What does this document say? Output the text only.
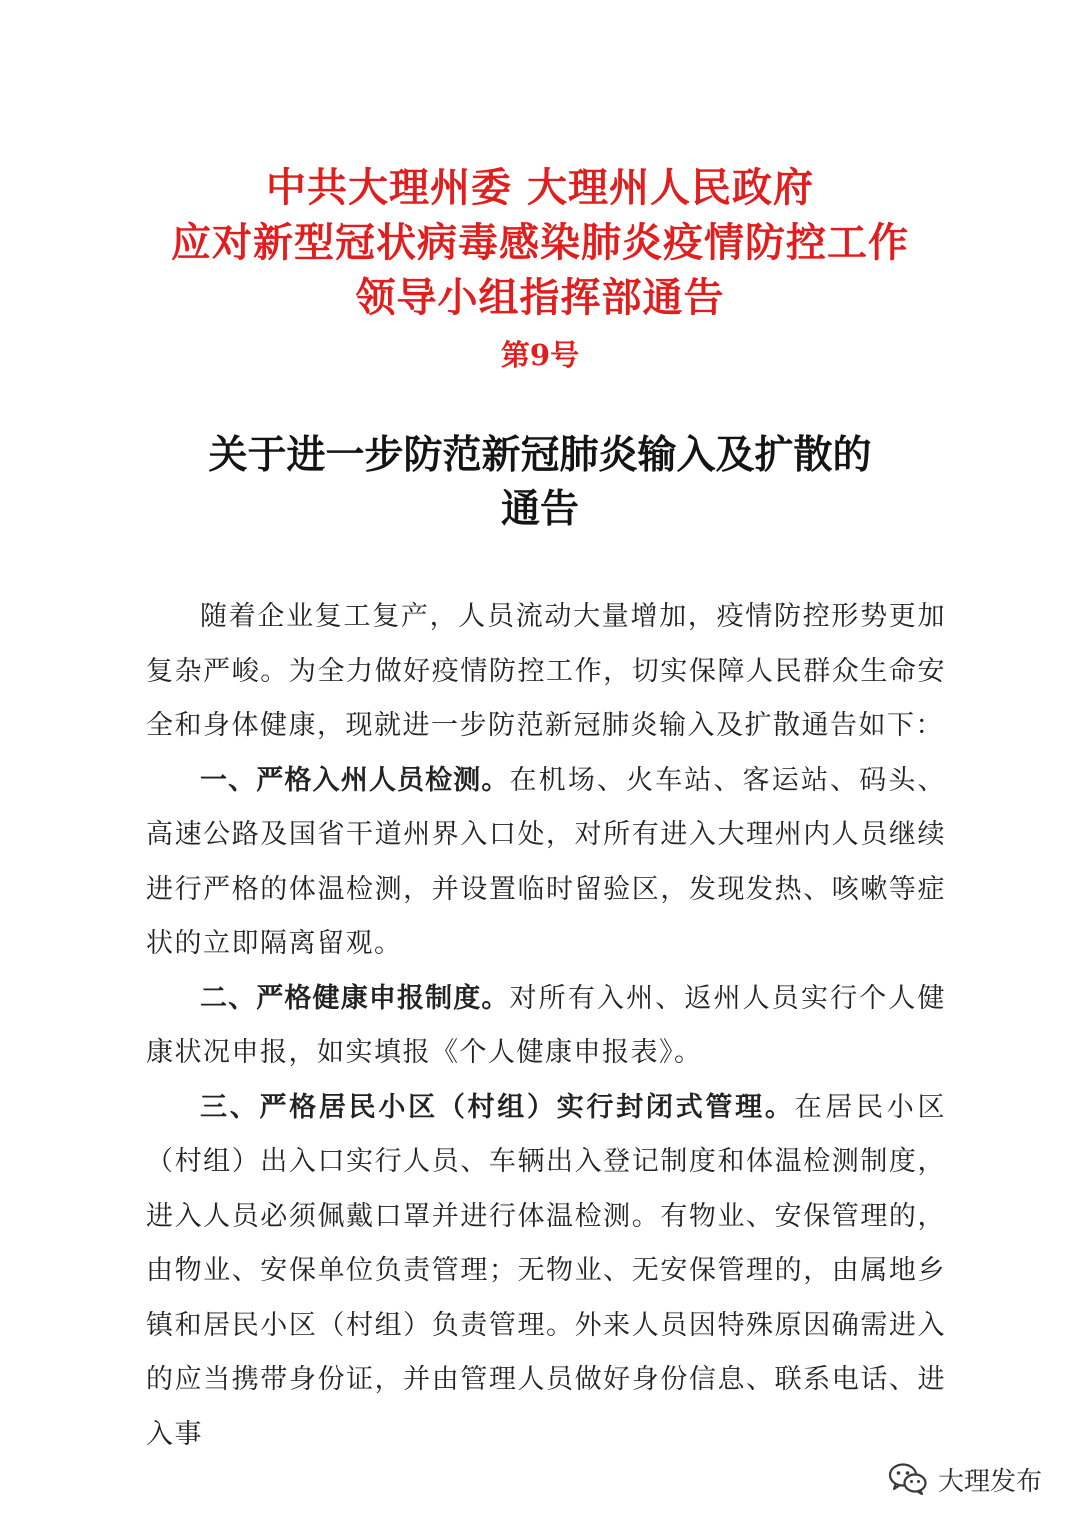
中共大理州委 大理州人民政府
应对新型冠状病毒感染肺炎疫情防控工作
领导小组指挥部通告
第9号
关于进一步防范新冠肺炎输入及扩散的
通告

随着企业复工复产，人员流动大量增加，疫情防控形势更加复杂严峻。为全力做好疫情防控工作，切实保障人民群众生命安全和身体健康，现就进一步防范新冠肺炎输入及扩散通告如下：

一、严格入州人员检测。在机场、火车站、客运站、码头、高速公路及国省干道州界入口处，对所有进入大理州内人员继续进行严格的体温检测，并设置临时留验区，发现发热、咳嗽等症状的立即隔离留观。

二、严格健康申报制度。对所有入州、返州人员实行个人健康状况申报，如实填报《个人健康申报表》。

三、严格居民小区（村组）实行封闭式管理。在居民小区（村组）出入口实行人员、车辆出入登记制度和体温检测制度，进入人员必须佩戴口罩并进行体温检测。有物业、安保管理的，由物业、安保单位负责管理；无物业、无安保管理的，由属地乡镇和居民小区（村组）负责管理。外来人员因特殊原因确需进入的应当携带身份证，并由管理人员做好身份信息、联系电话、进入事

大理发布
